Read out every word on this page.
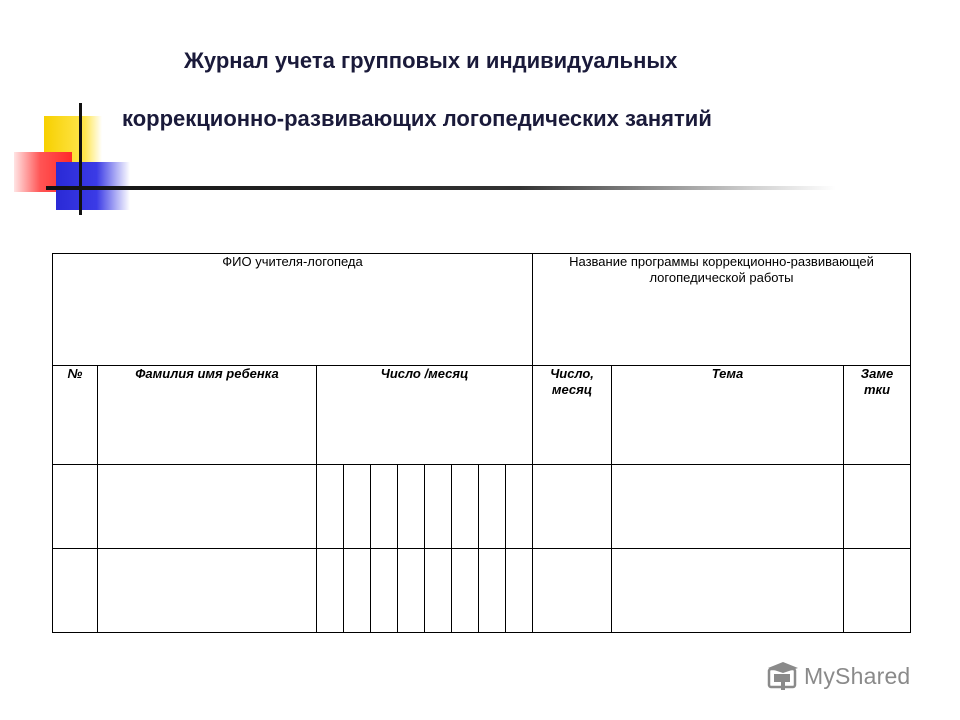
Журнал учета групповых и индивидуальных
коррекционно-развивающих логопедических занятий
ФИО учителя-логопеда										Название программы коррекционно-развивающей логопедической работы		

№	Фамилия имя ребенка	Число /месяц								Число, месяц	Тема	Заме тки

MyShared
